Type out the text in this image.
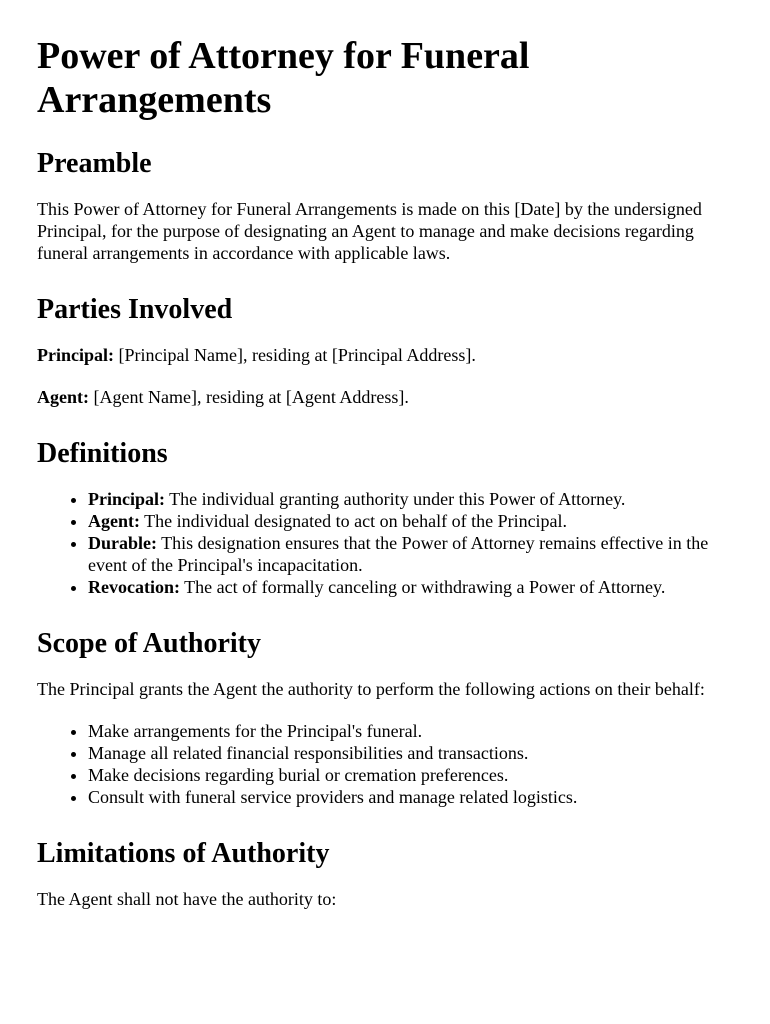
Power of Attorney for Funeral Arrangements
Preamble

This Power of Attorney for Funeral Arrangements is made on this [Date] by the undersigned Principal, for the purpose of designating an Agent to manage and make decisions regarding funeral arrangements in accordance with applicable laws.

Parties Involved

Principal: [Principal Name], residing at [Principal Address].

Agent: [Agent Name], residing at [Agent Address].

Definitions
• Principal: The individual granting authority under this Power of Attorney.
• Agent: The individual designated to act on behalf of the Principal.
• Durable: This designation ensures that the Power of Attorney remains effective in the event of the Principal's incapacitation.
• Revocation: The act of formally canceling or withdrawing a Power of Attorney.
Scope of Authority

The Principal grants the Agent the authority to perform the following actions on their behalf:

• Make arrangements for the Principal's funeral.
• Manage all related financial responsibilities and transactions.
• Make decisions regarding burial or cremation preferences.
• Consult with funeral service providers and manage related logistics.
Limitations of Authority

The Agent shall not have the authority to:
